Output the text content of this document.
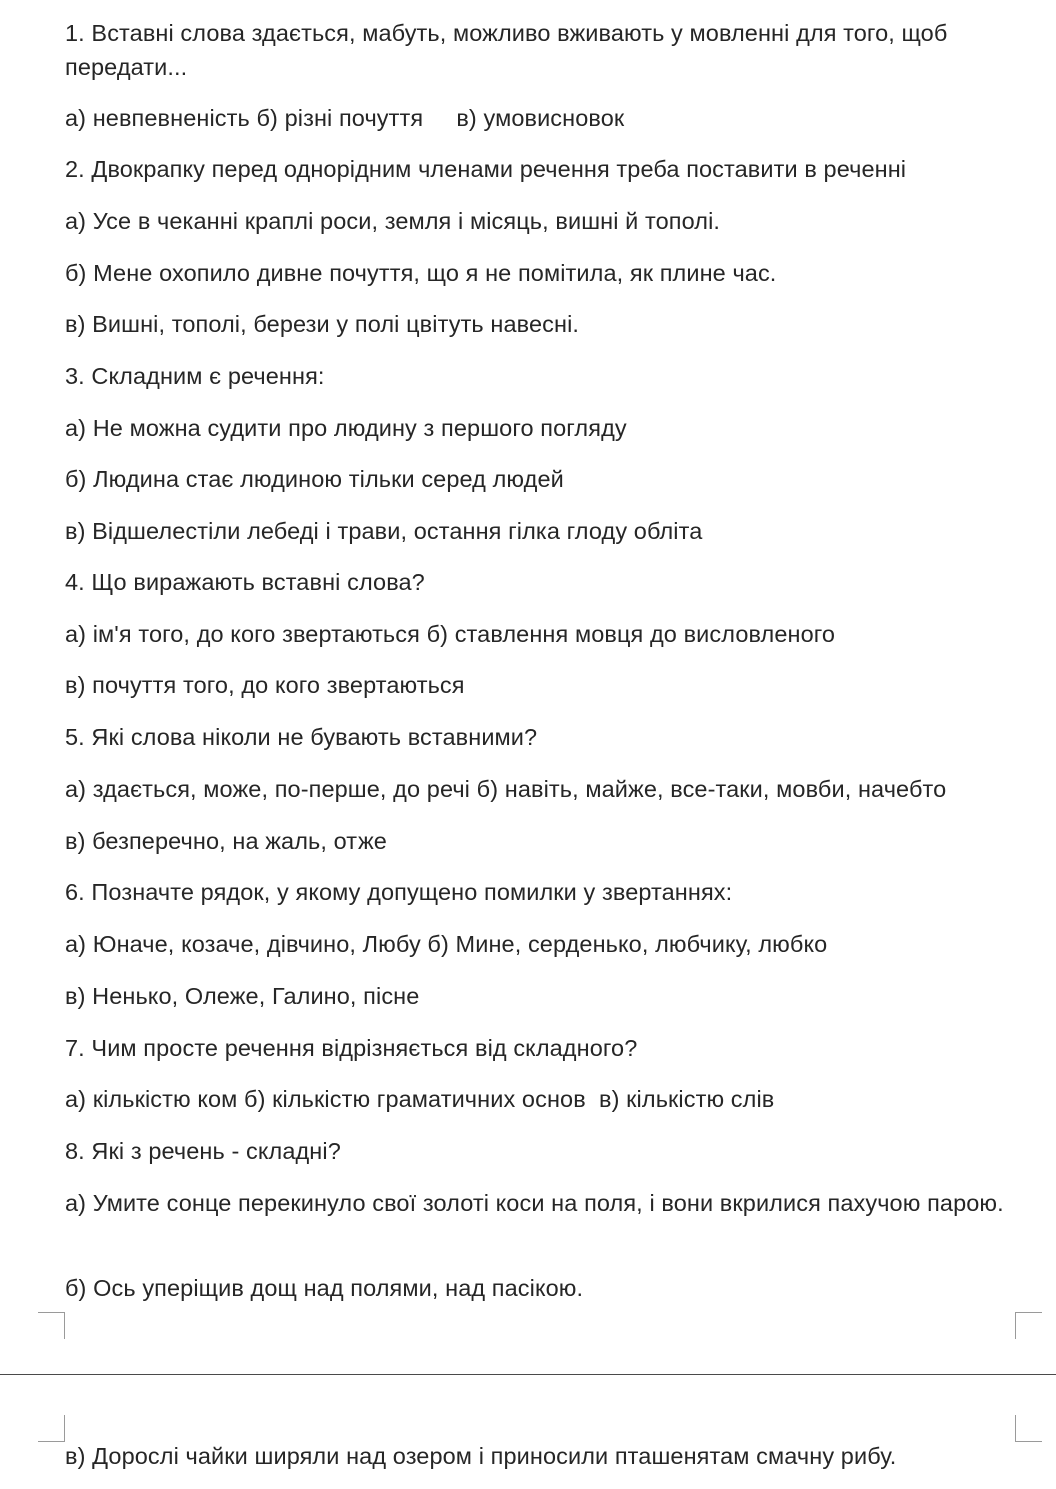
1. Вставні слова здається, мабуть, можливо вживають у мовленні для того, щоб передати...
а) невпевненість б) різні почуття     в) умовисновок
2. Двокрапку перед однорідним членами речення треба поставити в реченні
а) Усе в чеканні краплі роси, земля і місяць, вишні й тополі.
б) Мене охопило дивне почуття, що я не помітила, як плине час.
в) Вишні, тополі, берези у полі цвітуть навесні.
3. Складним є речення:
а) Не можна судити про людину з першого погляду
б) Людина стає людиною тільки серед людей
в) Відшелестіли лебеді і трави, остання гілка глоду обліта
4. Що виражають вставні слова?
а) ім'я того, до кого звертаються б) ставлення мовця до висловленого
в) почуття того, до кого звертаються
5. Які слова ніколи не бувають вставними?
а) здається, може, по-перше, до речі б) навіть, майже, все-таки, мовби, начебто
в) безперечно, на жаль, отже
6. Позначте рядок, у якому допущено помилки у звертаннях:
а) Юначе, козаче, дівчино, Любу б) Мине, серденько, любчику, любко
в) Ненько, Олеже, Галино, пісне
7. Чим просте речення відрізняється від складного?
а) кількістю ком б) кількістю граматичних основ  в) кількістю слів
8. Які з речень - складні?
а) Умите сонце перекинуло свої золоті коси на поля, і вони вкрилися пахучою парою.
б) Ось уперіщив дощ над полями, над пасікою.
в) Дорослі чайки ширяли над озером і приносили пташенятам смачну рибу.
